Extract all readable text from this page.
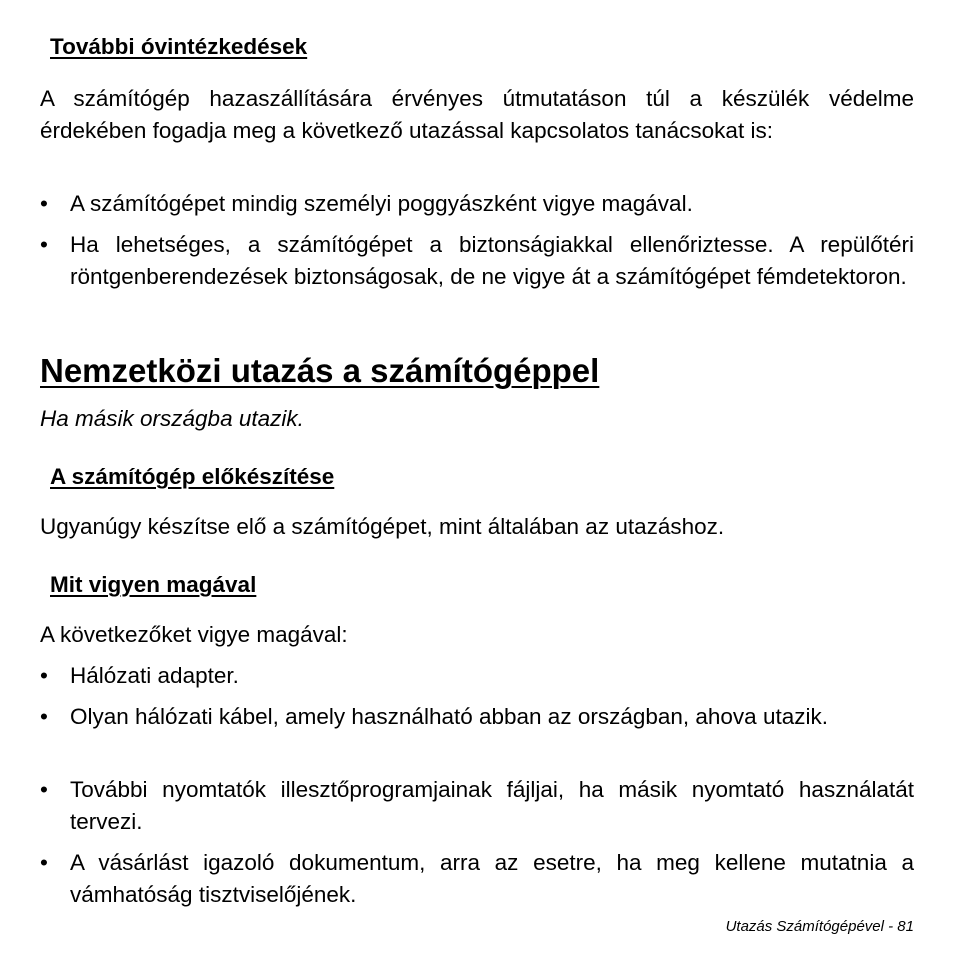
További óvintézkedések
A számítógép hazaszállítására érvényes útmutatáson túl a készülék védelme érdekében fogadja meg a következő utazással kapcsolatos tanácsokat is:
• A számítógépet mindig személyi poggyászként vigye magával.
• Ha lehetséges, a számítógépet a biztonságiakkal ellenőriztesse. A repülőtéri röntgenberendezések biztonságosak, de ne vigye át a számítógépet fémdetektoron.
Nemzetközi utazás a számítógéppel
Ha másik országba utazik.
A számítógép előkészítése
Ugyanúgy készítse elő a számítógépet, mint általában az utazáshoz.
Mit vigyen magával
A következőket vigye magával:
• Hálózati adapter.
• Olyan hálózati kábel, amely használható abban az országban, ahova utazik.
• További nyomtatók illesztőprogramjainak fájljai, ha másik nyomtató használatát tervezi.
• A vásárlást igazoló dokumentum, arra az esetre, ha meg kellene mutatnia a vámhatóság tisztviselőjének.
Utazás Számítógépével - 81
